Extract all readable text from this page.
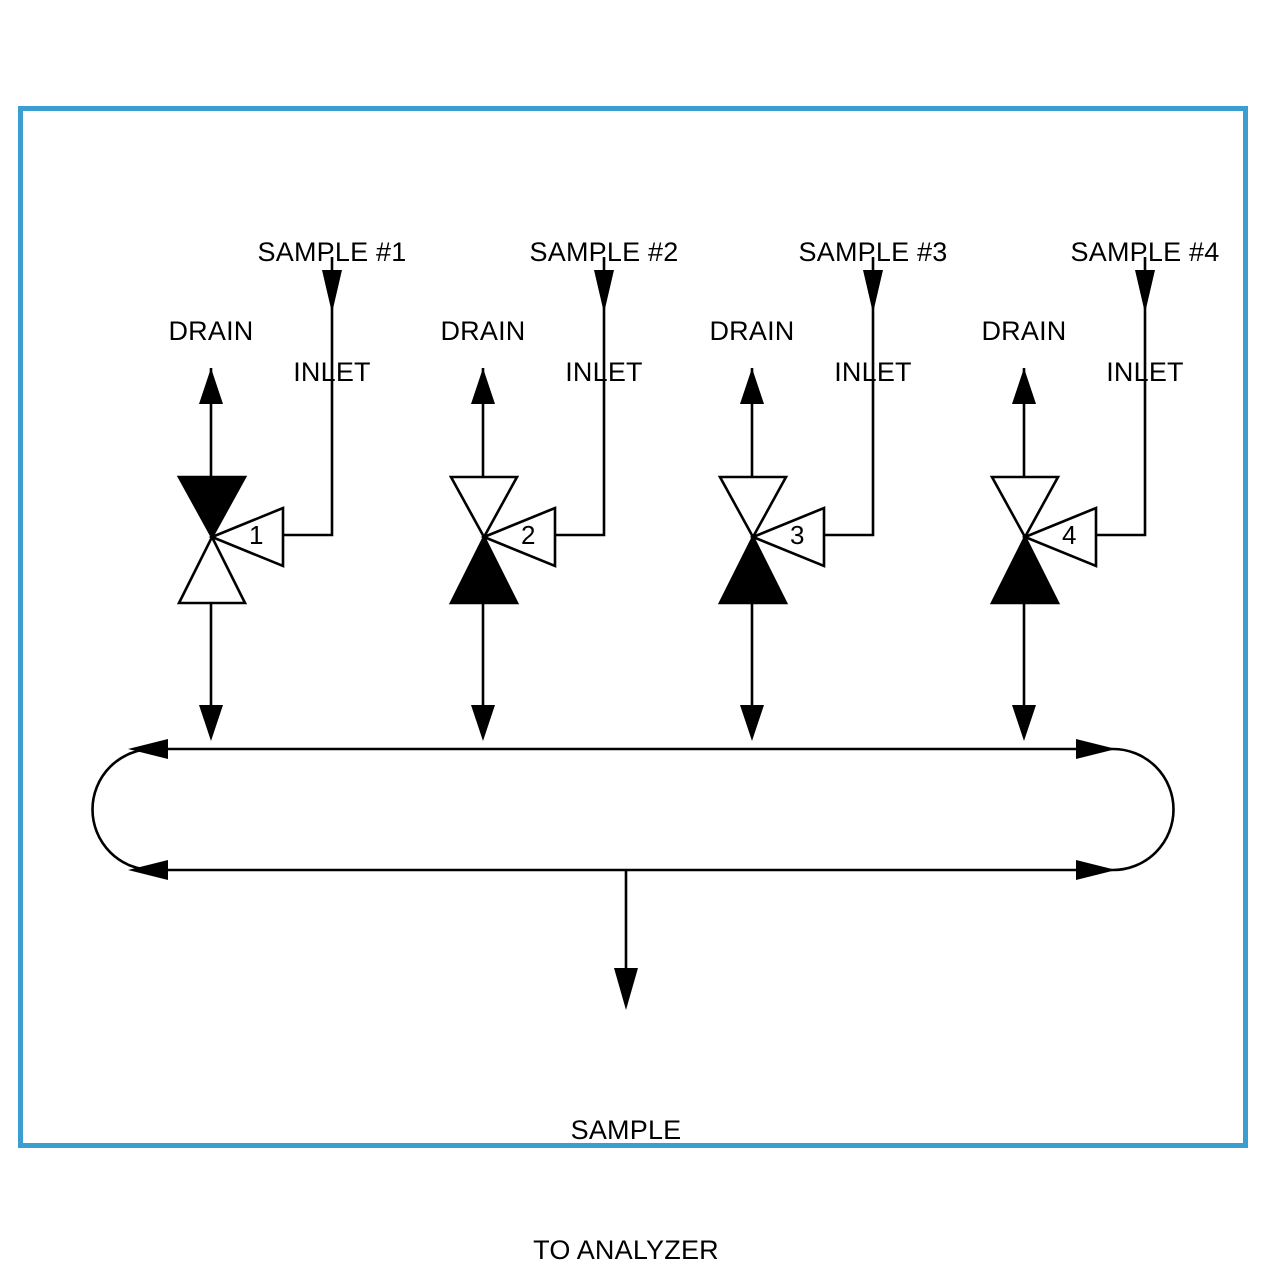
SAMPLE #1

INLET

SAMPLE #2

INLET

SAMPLE #3

INLET

SAMPLE #4

INLET

DRAIN	DRAIN	DRAIN	DRAIN
1	2	3	4

SAMPLE

TO ANALYZER
